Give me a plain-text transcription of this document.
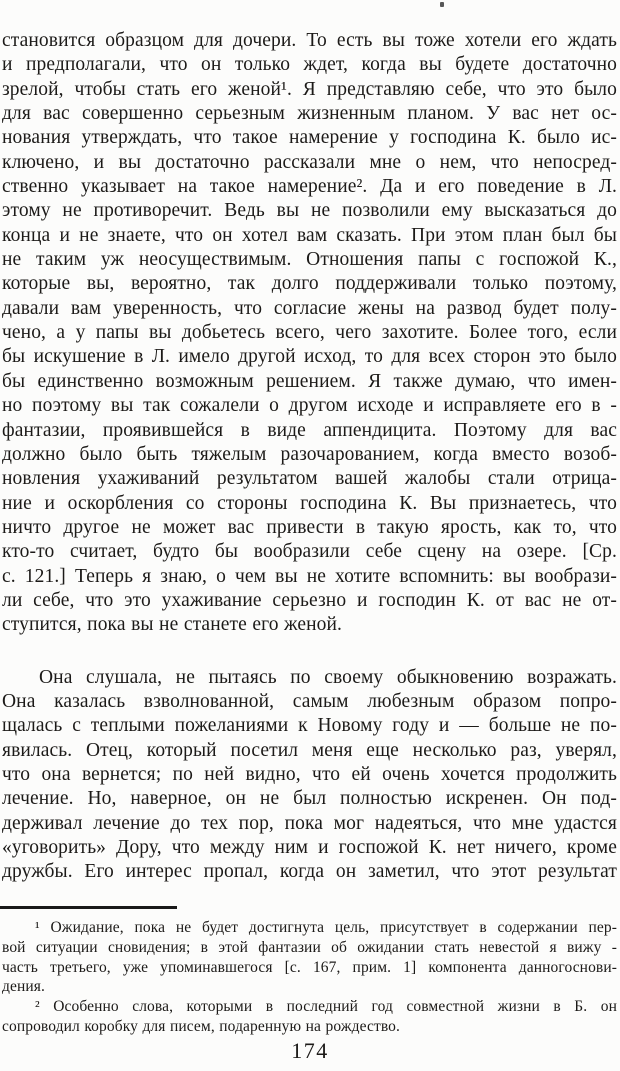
становится образцом для дочери. То есть вы тоже хотели его ждать
и предполагали, что он только ждет, когда вы будете достаточно
зрелой, чтобы стать его женой¹. Я представляю себе, что это было
для вас совершенно серьезным жизненным планом. У вас нет ос-
нования утверждать, что такое намерение у господина К. было ис-
ключено, и вы достаточно рассказали мне о нем, что непосред-
ственно указывает на такое намерение². Да и его поведение в Л.
этому не противоречит. Ведь вы не позволили ему высказаться до
конца и не знаете, что он хотел вам сказать. При этом план был бы
не таким уж неосуществимым. Отношения папы с госпожой К.,
которые вы, вероятно, так долго поддерживали только поэтому,
давали вам уверенность, что согласие жены на развод будет полу-
чено, а у папы вы добьетесь всего, чего захотите. Более того, если
бы искушение в Л. имело другой исход, то для всех сторон это было
бы единственно возможным решением. Я также думаю, что имен-
но поэтому вы так сожалели о другом исходе и исправляете его в -
фантазии, проявившейся в виде аппендицита. Поэтому для вас
должно было быть тяжелым разочарованием, когда вместо возоб-
новления ухаживаний результатом вашей жалобы стали отрица-
ние и оскорбления со стороны господина К. Вы признаетесь, что
ничто другое не может вас привести в такую ярость, как то, что
кто-то считает, будто бы вообразили себе сцену на озере. [Ср.
с. 121.] Теперь я знаю, о чем вы не хотите вспомнить: вы вообрази-
ли себе, что это ухаживание серьезно и господин К. от вас не от-
ступится, пока вы не станете его женой.
Она слушала, не пытаясь по своему обыкновению возражать.
Она казалась взволнованной, самым любезным образом попро-
щалась с теплыми пожеланиями к Новому году и — больше не по-
явилась. Отец, который посетил меня еще несколько раз, уверял,
что она вернется; по ней видно, что ей очень хочется продолжить
лечение. Но, наверное, он не был полностью искренен. Он под-
держивал лечение до тех пор, пока мог надеяться, что мне удастся
«уговорить» Дору, что между ним и госпожой К. нет ничего, кроме
дружбы. Его интерес пропал, когда он заметил, что этот результат
¹ Ожидание, пока не будет достигнута цель, присутствует в содержании пер-
вой ситуации сновидения; в этой фантазии об ожидании стать невестой я вижу -
часть третьего, уже упоминавшегося [с. 167, прим. 1] компонента данногоснови-
дения.
² Особенно слова, которыми в последний год совместной жизни в Б. он
сопроводил коробку для писем, подаренную на рождество.
174
